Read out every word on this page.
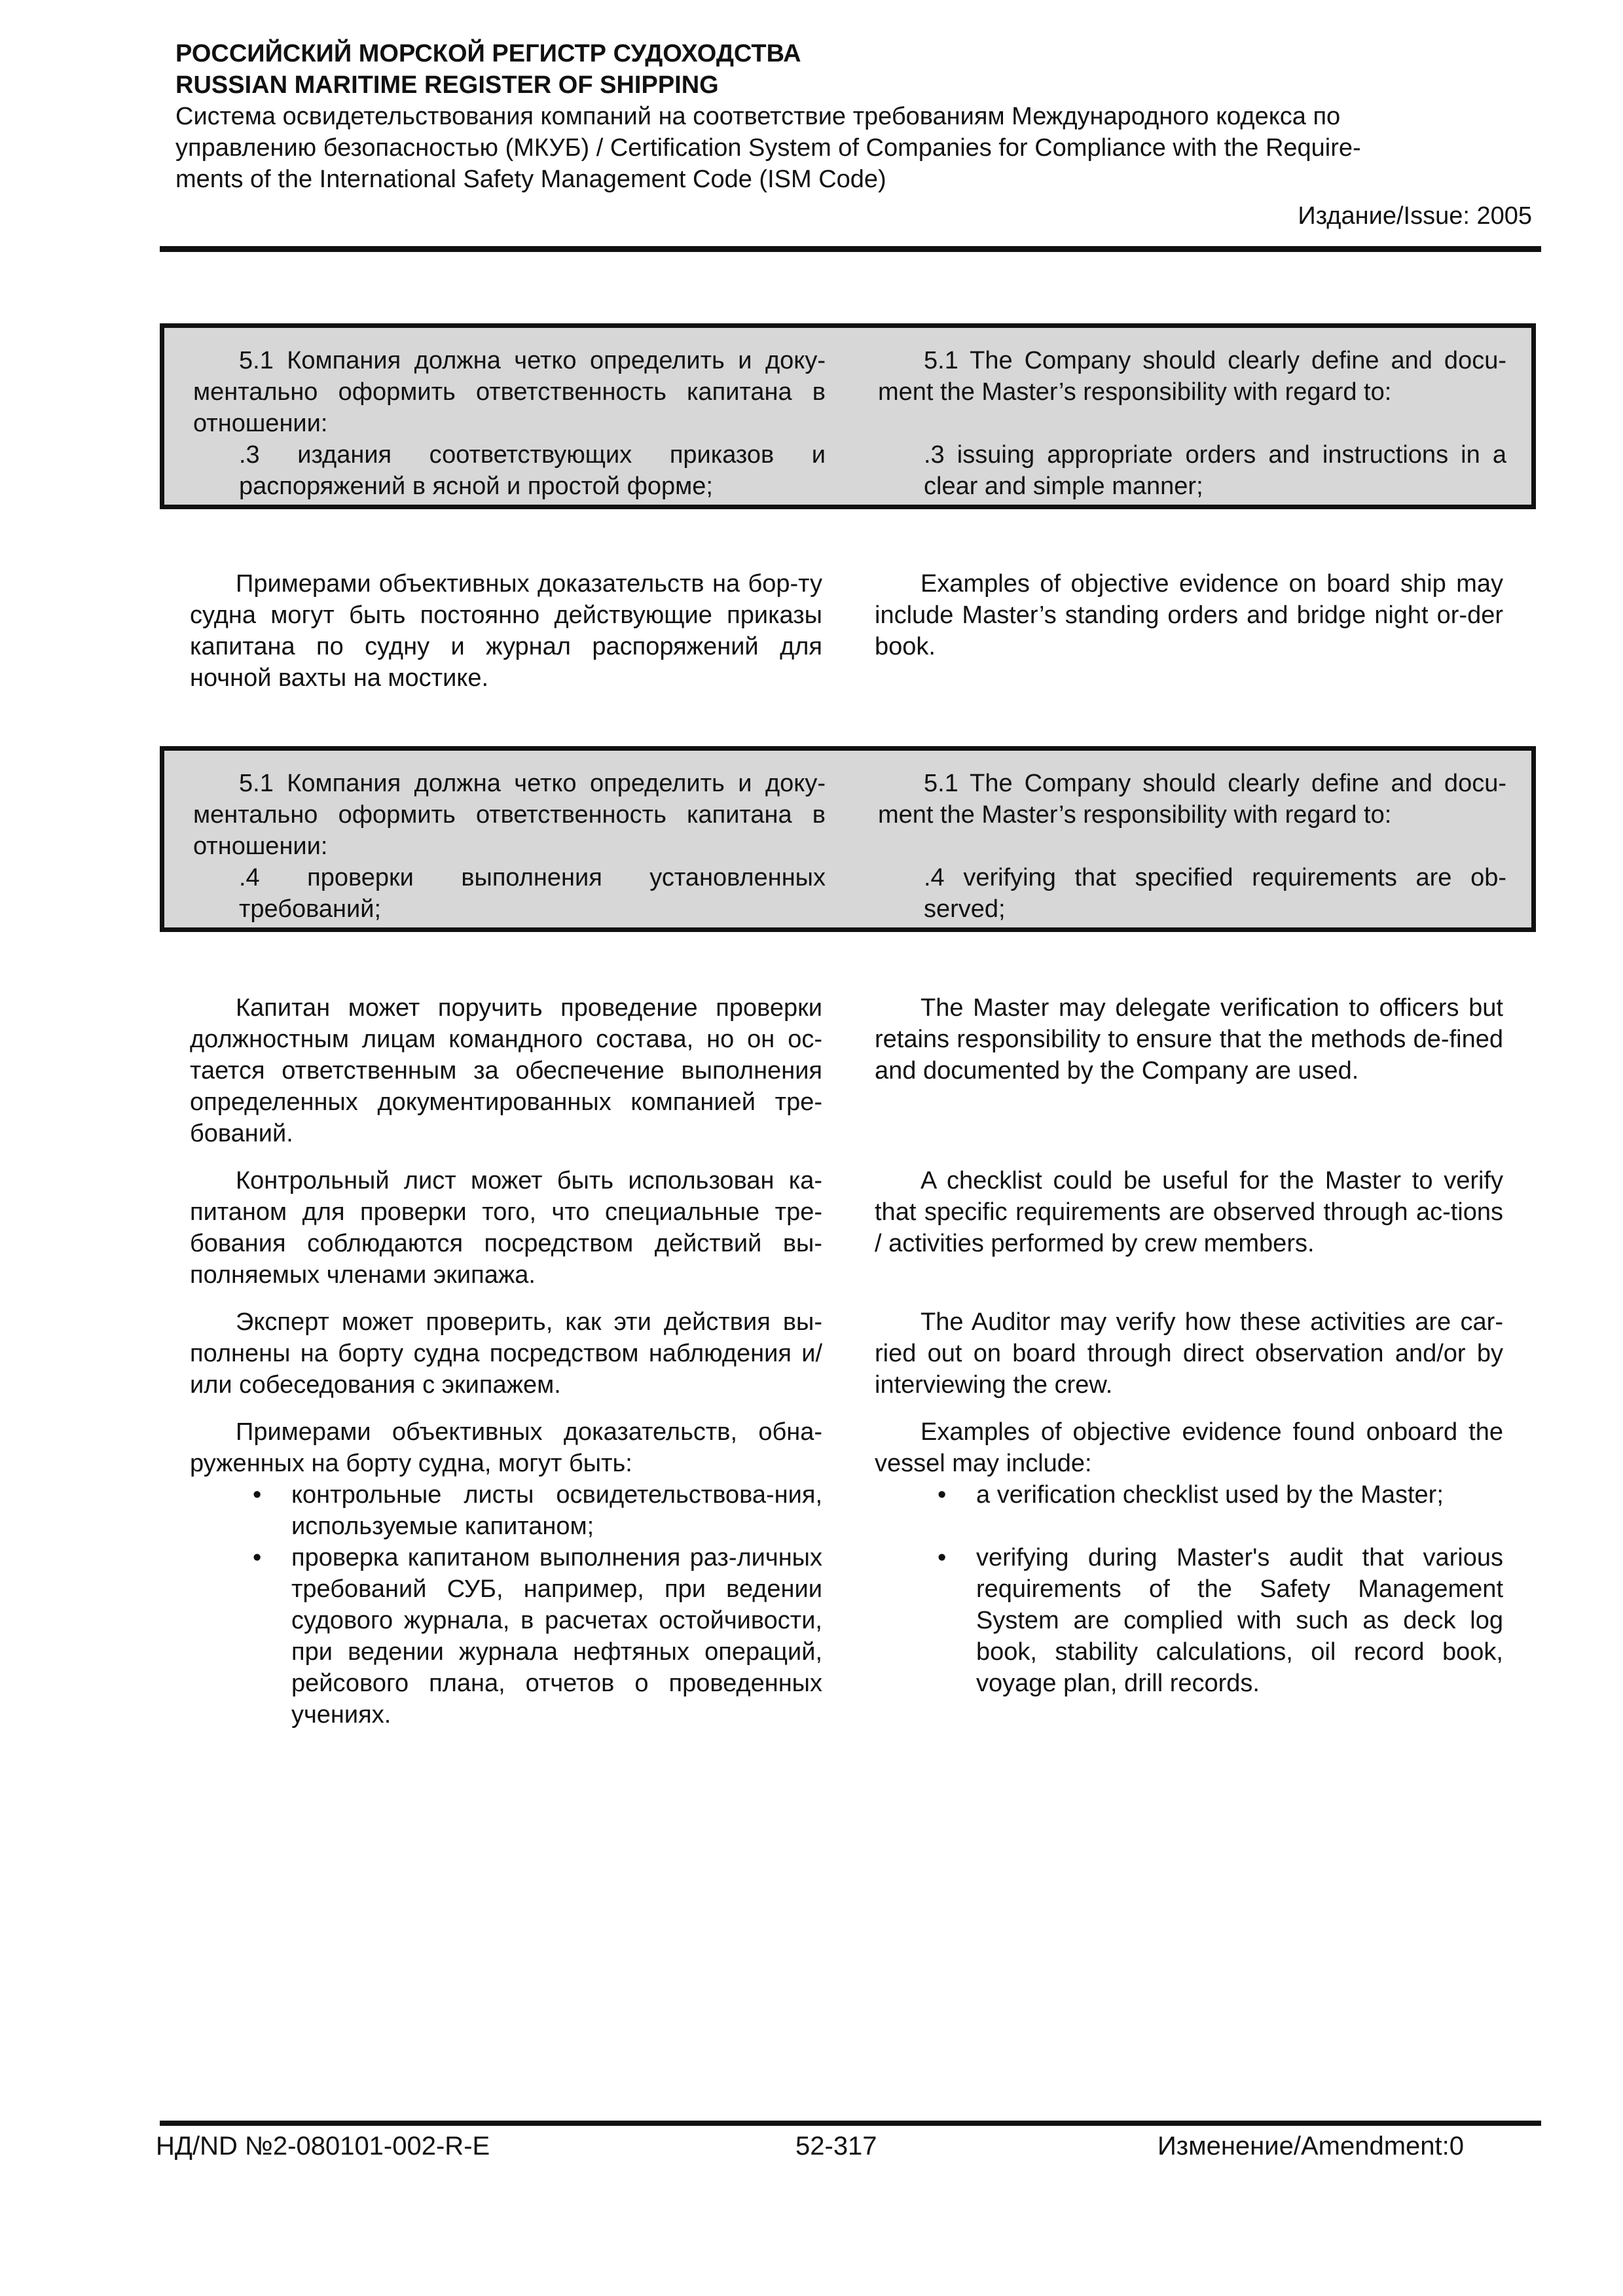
РОССИЙСКИЙ МОРСКОЙ РЕГИСТР СУДОХОДСТВА

RUSSIAN MARITIME REGISTER OF SHIPPING

Система освидетельствования компаний на соответствие требованиям Международного кодекса по

управлению безопасностью (МКУБ) / Certification System of Companies for Compliance with the Require-

ments of the International Safety Management Code (ISM Code)

Издание/Issue: 2005

5.1 Компания должна четко определить и доку-ментально оформить ответственность капитана в отношении:

.3 издания соответствующих приказов и распоряжений в ясной и простой форме;

5.1 The Company should clearly define and docu-ment the Master’s responsibility with regard to:

.3 issuing appropriate orders and instructions in a clear and simple manner;

Примерами объективных доказательств на бор-ту судна могут быть постоянно действующие приказы капитана по судну и журнал распоряжений для ночной вахты на мостике.

Examples of objective evidence on board ship may include Master’s standing orders and bridge night or-der book.

5.1 Компания должна четко определить и доку-ментально оформить ответственность капитана в отношении:

.4 проверки выполнения установленных требований;

5.1 The Company should clearly define and docu-ment the Master’s responsibility with regard to:

.4 verifying that specified requirements are ob-served;

Капитан может поручить проведение проверки должностным лицам командного состава, но он ос-тается ответственным за обеспечение выполнения определенных документированных компанией тре-бований.

The Master may delegate verification to officers but retains responsibility to ensure that the methods de-fined and documented by the Company are used.

Контрольный лист может быть использован ка-питаном для проверки того, что специальные тре-бования соблюдаются посредством действий вы-полняемых членами экипажа.

A checklist could be useful for the Master to verify that specific requirements are observed through ac-tions / activities performed by crew members.

Эксперт может проверить, как эти действия вы-полнены на борту судна посредством наблюдения и/или собеседования с экипажем.

The Auditor may verify how these activities are car-ried out on board through direct observation and/or by interviewing the crew.

Примерами объективных доказательств, обна-руженных на борту судна, могут быть:

• контрольные листы освидетельствова-ния, используемые капитаном;
• проверка капитаном выполнения раз-личных требований СУБ, например, при ведении судового журнала, в расчетах остойчивости, при ведении журнала нефтяных операций, рейсового плана, отчетов о проведенных учениях.

Examples of objective evidence found onboard the vessel may include:

• a verification checklist used by the Master;
• verifying during Master's audit that various requirements of the Safety Management System are complied with such as deck log book, stability calculations, oil record book, voyage plan, drill records.
НД/ND №2-080101-002-R-E	52-317	Изменение/Amendment:0
